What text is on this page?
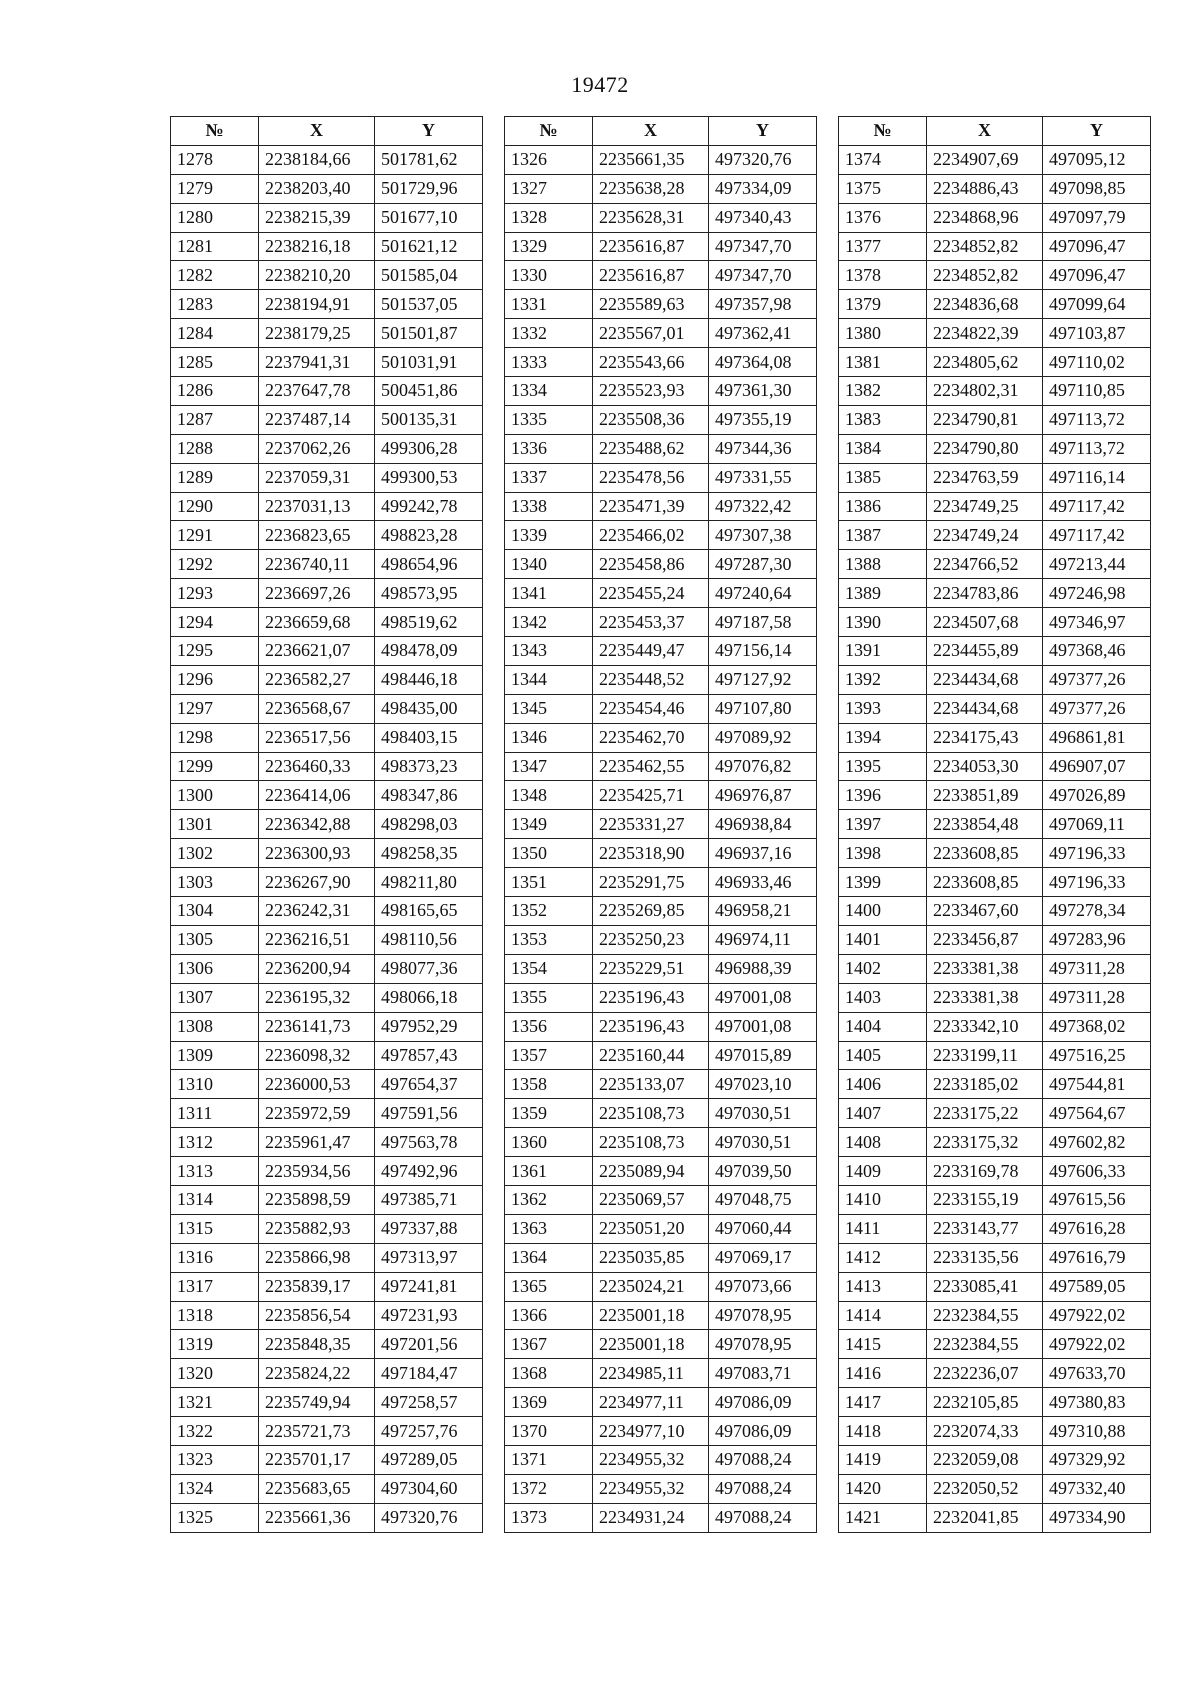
19472
№	X	Y
1278	2238184,66	501781,62
1279	2238203,40	501729,96
1280	2238215,39	501677,10
1281	2238216,18	501621,12
1282	2238210,20	501585,04
1283	2238194,91	501537,05
1284	2238179,25	501501,87
1285	2237941,31	501031,91
1286	2237647,78	500451,86
1287	2237487,14	500135,31
1288	2237062,26	499306,28
1289	2237059,31	499300,53
1290	2237031,13	499242,78
1291	2236823,65	498823,28
1292	2236740,11	498654,96
1293	2236697,26	498573,95
1294	2236659,68	498519,62
1295	2236621,07	498478,09
1296	2236582,27	498446,18
1297	2236568,67	498435,00
1298	2236517,56	498403,15
1299	2236460,33	498373,23
1300	2236414,06	498347,86
1301	2236342,88	498298,03
1302	2236300,93	498258,35
1303	2236267,90	498211,80
1304	2236242,31	498165,65
1305	2236216,51	498110,56
1306	2236200,94	498077,36
1307	2236195,32	498066,18
1308	2236141,73	497952,29
1309	2236098,32	497857,43
1310	2236000,53	497654,37
1311	2235972,59	497591,56
1312	2235961,47	497563,78
1313	2235934,56	497492,96
1314	2235898,59	497385,71
1315	2235882,93	497337,88
1316	2235866,98	497313,97
1317	2235839,17	497241,81
1318	2235856,54	497231,93
1319	2235848,35	497201,56
1320	2235824,22	497184,47
1321	2235749,94	497258,57
1322	2235721,73	497257,76
1323	2235701,17	497289,05
1324	2235683,65	497304,60
1325	2235661,36	497320,76
№	X	Y
1326	2235661,35	497320,76
1327	2235638,28	497334,09
1328	2235628,31	497340,43
1329	2235616,87	497347,70
1330	2235616,87	497347,70
1331	2235589,63	497357,98
1332	2235567,01	497362,41
1333	2235543,66	497364,08
1334	2235523,93	497361,30
1335	2235508,36	497355,19
1336	2235488,62	497344,36
1337	2235478,56	497331,55
1338	2235471,39	497322,42
1339	2235466,02	497307,38
1340	2235458,86	497287,30
1341	2235455,24	497240,64
1342	2235453,37	497187,58
1343	2235449,47	497156,14
1344	2235448,52	497127,92
1345	2235454,46	497107,80
1346	2235462,70	497089,92
1347	2235462,55	497076,82
1348	2235425,71	496976,87
1349	2235331,27	496938,84
1350	2235318,90	496937,16
1351	2235291,75	496933,46
1352	2235269,85	496958,21
1353	2235250,23	496974,11
1354	2235229,51	496988,39
1355	2235196,43	497001,08
1356	2235196,43	497001,08
1357	2235160,44	497015,89
1358	2235133,07	497023,10
1359	2235108,73	497030,51
1360	2235108,73	497030,51
1361	2235089,94	497039,50
1362	2235069,57	497048,75
1363	2235051,20	497060,44
1364	2235035,85	497069,17
1365	2235024,21	497073,66
1366	2235001,18	497078,95
1367	2235001,18	497078,95
1368	2234985,11	497083,71
1369	2234977,11	497086,09
1370	2234977,10	497086,09
1371	2234955,32	497088,24
1372	2234955,32	497088,24
1373	2234931,24	497088,24
№	X	Y
1374	2234907,69	497095,12
1375	2234886,43	497098,85
1376	2234868,96	497097,79
1377	2234852,82	497096,47
1378	2234852,82	497096,47
1379	2234836,68	497099,64
1380	2234822,39	497103,87
1381	2234805,62	497110,02
1382	2234802,31	497110,85
1383	2234790,81	497113,72
1384	2234790,80	497113,72
1385	2234763,59	497116,14
1386	2234749,25	497117,42
1387	2234749,24	497117,42
1388	2234766,52	497213,44
1389	2234783,86	497246,98
1390	2234507,68	497346,97
1391	2234455,89	497368,46
1392	2234434,68	497377,26
1393	2234434,68	497377,26
1394	2234175,43	496861,81
1395	2234053,30	496907,07
1396	2233851,89	497026,89
1397	2233854,48	497069,11
1398	2233608,85	497196,33
1399	2233608,85	497196,33
1400	2233467,60	497278,34
1401	2233456,87	497283,96
1402	2233381,38	497311,28
1403	2233381,38	497311,28
1404	2233342,10	497368,02
1405	2233199,11	497516,25
1406	2233185,02	497544,81
1407	2233175,22	497564,67
1408	2233175,32	497602,82
1409	2233169,78	497606,33
1410	2233155,19	497615,56
1411	2233143,77	497616,28
1412	2233135,56	497616,79
1413	2233085,41	497589,05
1414	2232384,55	497922,02
1415	2232384,55	497922,02
1416	2232236,07	497633,70
1417	2232105,85	497380,83
1418	2232074,33	497310,88
1419	2232059,08	497329,92
1420	2232050,52	497332,40
1421	2232041,85	497334,90
